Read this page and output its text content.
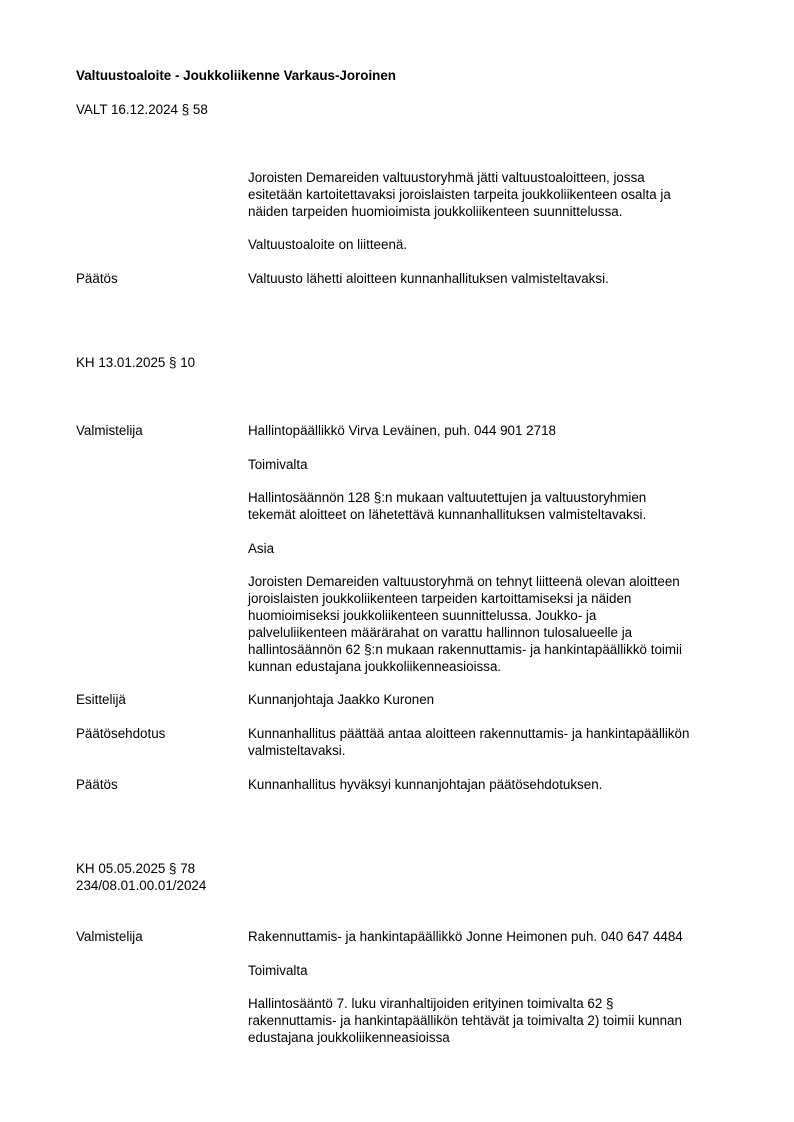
Valtuustoaloite - Joukkoliikenne Varkaus-Joroinen
VALT 16.12.2024 § 58
Joroisten Demareiden valtuustoryhmä jätti valtuustoaloitteen, jossa
esitetään kartoitettavaksi joroislaisten tarpeita joukkoliikenteen osalta ja
näiden tarpeiden huomioimista joukkoliikenteen suunnittelussa.
Valtuustoaloite on liitteenä.
Päätös	Valtuusto lähetti aloitteen kunnanhallituksen valmisteltavaksi.
KH 13.01.2025 § 10
Valmistelija	Hallintopäällikkö Virva Leväinen, puh. 044 901 2718
Toimivalta
Hallintosäännön 128 §:n mukaan valtuutettujen ja valtuustoryhmien
tekemät aloitteet on lähetettävä kunnanhallituksen valmisteltavaksi.
Asia
Joroisten Demareiden valtuustoryhmä on tehnyt liitteenä olevan aloitteen
joroislaisten joukkoliikenteen tarpeiden kartoittamiseksi ja näiden
huomioimiseksi joukkoliikenteen suunnittelussa. Joukko- ja
palveluliikenteen määrärahat on varattu hallinnon tulosalueelle ja
hallintosäännön 62 §:n mukaan rakennuttamis- ja hankintapäällikkö toimii
kunnan edustajana joukkoliikenneasioissa.
Esittelijä	Kunnanjohtaja Jaakko Kuronen
Päätösehdotus	Kunnanhallitus päättää antaa aloitteen rakennuttamis- ja hankintapäällikön
valmisteltavaksi.
Päätös	Kunnanhallitus hyväksyi kunnanjohtajan päätösehdotuksen.
KH 05.05.2025 § 78
234/08.01.00.01/2024
Valmistelija	Rakennuttamis- ja hankintapäällikkö Jonne Heimonen puh. 040 647 4484
Toimivalta
Hallintosääntö 7. luku viranhaltijoiden erityinen toimivalta 62 §
rakennuttamis- ja hankintapäällikön tehtävät ja toimivalta 2) toimii kunnan
edustajana joukkoliikenneasioissa
